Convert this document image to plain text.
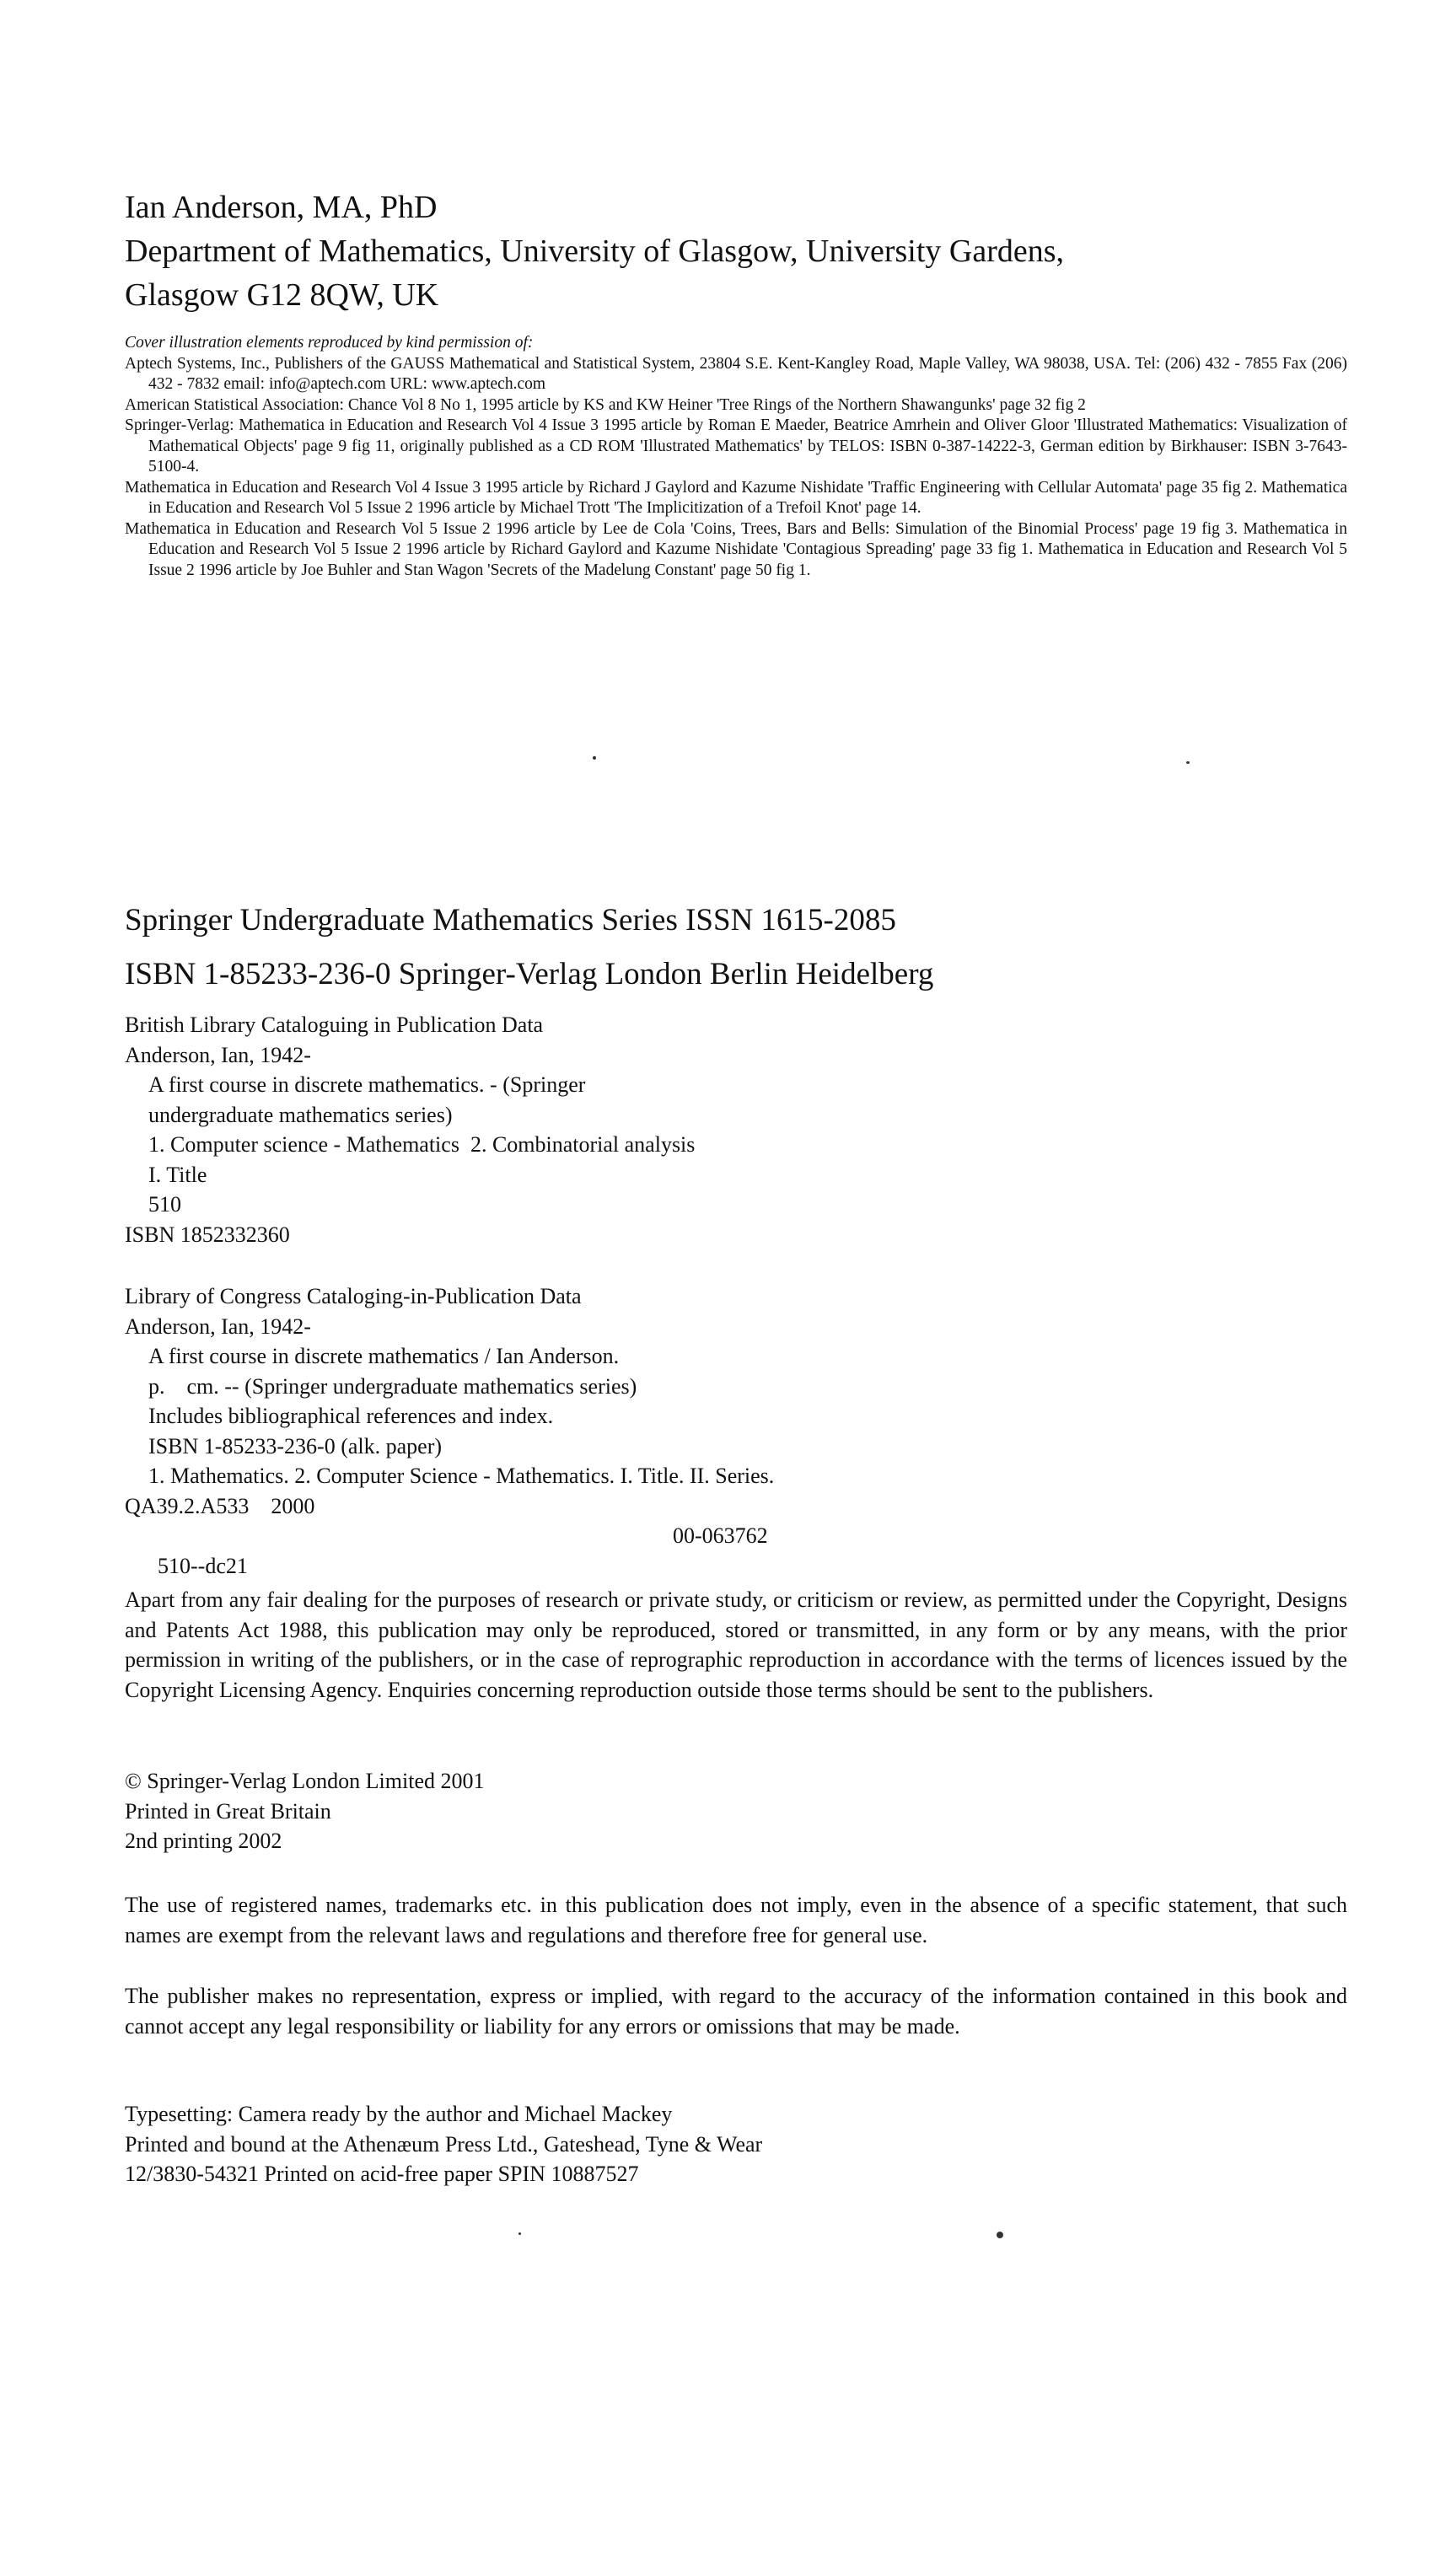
Ian Anderson, MA, PhD
Department of Mathematics, University of Glasgow, University Gardens,
Glasgow G12 8QW, UK
Cover illustration elements reproduced by kind permission of:
Aptech Systems, Inc., Publishers of the GAUSS Mathematical and Statistical System, 23804 S.E. Kent-Kangley Road, Maple Valley, WA 98038, USA. Tel: (206) 432 - 7855 Fax (206) 432 - 7832 email: info@aptech.com URL: www.aptech.com
American Statistical Association: Chance Vol 8 No 1, 1995 article by KS and KW Heiner 'Tree Rings of the Northern Shawangunks' page 32 fig 2
Springer-Verlag: Mathematica in Education and Research Vol 4 Issue 3 1995 article by Roman E Maeder, Beatrice Amrhein and Oliver Gloor 'Illustrated Mathematics: Visualization of Mathematical Objects' page 9 fig 11, originally published as a CD ROM 'Illustrated Mathematics' by TELOS: ISBN 0-387-14222-3, German edition by Birkhauser: ISBN 3-7643-5100-4.
Mathematica in Education and Research Vol 4 Issue 3 1995 article by Richard J Gaylord and Kazume Nishidate 'Traffic Engineering with Cellular Automata' page 35 fig 2. Mathematica in Education and Research Vol 5 Issue 2 1996 article by Michael Trott 'The Implicitization of a Trefoil Knot' page 14.
Mathematica in Education and Research Vol 5 Issue 2 1996 article by Lee de Cola 'Coins, Trees, Bars and Bells: Simulation of the Binomial Process' page 19 fig 3. Mathematica in Education and Research Vol 5 Issue 2 1996 article by Richard Gaylord and Kazume Nishidate 'Contagious Spreading' page 33 fig 1. Mathematica in Education and Research Vol 5 Issue 2 1996 article by Joe Buhler and Stan Wagon 'Secrets of the Madelung Constant' page 50 fig 1.
Springer Undergraduate Mathematics Series ISSN 1615-2085
ISBN 1-85233-236-0 Springer-Verlag London Berlin Heidelberg
British Library Cataloguing in Publication Data
Anderson, Ian, 1942-
A first course in discrete mathematics. - (Springer
undergraduate mathematics series)
1. Computer science - Mathematics  2. Combinatorial analysis
I. Title
510
ISBN 1852332360
Library of Congress Cataloging-in-Publication Data
Anderson, Ian, 1942-
A first course in discrete mathematics / Ian Anderson.
p.    cm. -- (Springer undergraduate mathematics series)
Includes bibliographical references and index.
ISBN 1-85233-236-0 (alk. paper)
1. Mathematics. 2. Computer Science - Mathematics. I. Title. II. Series.
QA39.2.A533    2000

510--dc21

00-063762

Apart from any fair dealing for the purposes of research or private study, or criticism or review, as permitted under the Copyright, Designs and Patents Act 1988, this publication may only be reproduced, stored or transmitted, in any form or by any means, with the prior permission in writing of the publishers, or in the case of reprographic reproduction in accordance with the terms of licences issued by the Copyright Licensing Agency. Enquiries concerning reproduction outside those terms should be sent to the publishers.
© Springer-Verlag London Limited 2001
Printed in Great Britain
2nd printing 2002
The use of registered names, trademarks etc. in this publication does not imply, even in the absence of a specific statement, that such names are exempt from the relevant laws and regulations and therefore free for general use.
The publisher makes no representation, express or implied, with regard to the accuracy of the information contained in this book and cannot accept any legal responsibility or liability for any errors or omissions that may be made.
Typesetting: Camera ready by the author and Michael Mackey
Printed and bound at the Athenæum Press Ltd., Gateshead, Tyne & Wear
12/3830-54321 Printed on acid-free paper SPIN 10887527
